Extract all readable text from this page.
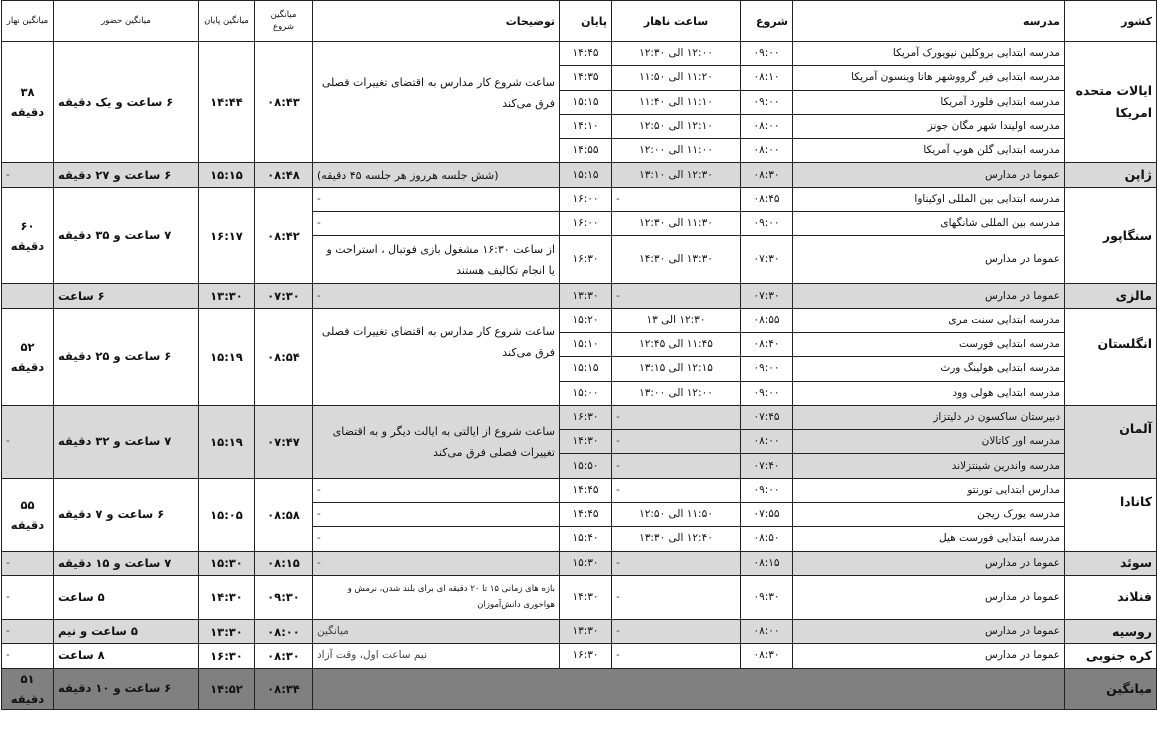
کشور	مدرسه	شروع	ساعت ناهار	پایان	توضیحات	میانگین شروع	میانگین پایان	میانگین حضور	میانگین نهار
ایالات متحده امریکا	مدرسه ابتدایی بروکلین نیویورک آمریکا	۰۹:۰۰	۱۲:۰۰ الی ۱۲:۳۰	۱۴:۴۵	ساعت شروع کار مدارس به اقتضای تغییرات فصلی فرق می‌کند	۰۸:۴۳	۱۴:۴۴	۶ ساعت و یک دقیقه	۳۸ دقیقه
	مدرسه ابتدایی فیر گرووشهر هانا وینسون آمریکا	۰۸:۱۰	۱۱:۲۰ الی ۱۱:۵۰	۱۴:۳۵					
	مدرسه ابتدایی فلورد آمریکا	۰۹:۰۰	۱۱:۱۰ الی ۱۱:۴۰	۱۵:۱۵					
	مدرسه اولیندا شهر مگان جونز	۰۸:۰۰	۱۲:۱۰ الی ۱۲:۵۰	۱۴:۱۰					
	مدرسه ابتدایی گلن هوپ آمریکا	۰۸:۰۰	۱۱:۰۰ الی ۱۲:۰۰	۱۴:۵۵					
ژاپن	عموما در مدارس	۰۸:۳۰	۱۲:۳۰ الی ۱۳:۱۰	۱۵:۱۵	(شش جلسه هرروز هر جلسه ۴۵ دقیقه)	۰۸:۴۸	۱۵:۱۵	۶ ساعت و ۲۷ دقیقه	-
سنگاپور	مدرسه ابتدایی بین المللی اوکیناوا	۰۸:۴۵	-	۱۶:۰۰	-	۰۸:۴۲	۱۶:۱۷	۷ ساعت و ۳۵ دقیقه	۶۰ دقیقه
	مدرسه بین المللی شانگهای	۰۹:۰۰	۱۱:۳۰ الی ۱۲:۳۰	۱۶:۰۰	-				
	عموما در مدارس	۰۷:۳۰	۱۳:۳۰ الی ۱۴:۳۰	۱۶:۳۰	از ساعت ۱۶:۳۰ مشغول بازی فوتبال ، استراحت و یا انجام تکالیف هستند				
مالزی	عموما در مدارس	۰۷:۳۰	-	۱۳:۳۰	-	۰۷:۳۰	۱۳:۳۰	۶ ساعت	
انگلستان	مدرسه ابتدایی سنت مری	۰۸:۵۵	۱۲:۳۰ الی ۱۳	۱۵:۲۰	ساعت شروع کار مدارس به اقتضای تغییرات فصلی فرق می‌کند	۰۸:۵۴	۱۵:۱۹	۶ ساعت و ۲۵ دقیقه	۵۲ دقیقه
	مدرسه ابتدایی فورست	۰۸:۴۰	۱۱:۴۵ الی ۱۲:۴۵	۱۵:۱۰					
	مدرسه ابتدایی هولینگ ورث	۰۹:۰۰	۱۲:۱۵ الی ۱۳:۱۵	۱۵:۱۵					
	مدرسه ابتدایی هولی وود	۰۹:۰۰	۱۲:۰۰ الی ۱۳:۰۰	۱۵:۰۰					
آلمان	دبیرستان ساکسون در دلیتزاز	۰۷:۴۵	-	۱۶:۳۰	ساعت شروع از ایالتی به ایالت دیگر و به اقتضای تغییرات فصلی فرق می‌کند	۰۷:۴۷	۱۵:۱۹	۷ ساعت و ۳۲ دقیقه	-
	مدرسه اور کاتالان	۰۸:۰۰	-	۱۴:۳۰					
	مدرسه واندرین شینتزلاند	۰۷:۴۰	-	۱۵:۵۰					
کانادا	مدارس ابتدایی تورنتو	۰۹:۰۰	-	۱۴:۴۵	-	۰۸:۵۸	۱۵:۰۵	۶ ساعت و ۷ دقیقه	۵۵ دقیقه
	مدرسه یورک ریجن	۰۷:۵۵	۱۱:۵۰ الی ۱۲:۵۰	۱۴:۴۵	-				
	مدرسه ابتدایی فورست هیل	۰۸:۵۰	۱۲:۴۰ الی ۱۳:۳۰	۱۵:۴۰	-				
سوئد	عموما در مدارس	۰۸:۱۵	-	۱۵:۳۰	-	۰۸:۱۵	۱۵:۳۰	۷ ساعت و ۱۵ دقیقه	-
فنلاند	عموما در مدارس	۰۹:۳۰	-	۱۴:۳۰	بازه های زمانی ۱۵ تا ۲۰ دقیقه ای برای بلند شدن، نرمش و هواخوری دانش‌آموزان	۰۹:۳۰	۱۴:۳۰	۵ ساعت	-
روسیه	عموما در مدارس	۰۸:۰۰	-	۱۳:۳۰	میانگین	۰۸:۰۰	۱۳:۳۰	۵ ساعت و نیم	-
کره جنوبی	عموما در مدارس	۰۸:۳۰	-	۱۶:۳۰	نیم ساعت اول، وقت آزاد	۰۸:۳۰	۱۶:۳۰	۸ ساعت	-
میانگین						۰۸:۳۴	۱۴:۵۲	۶ ساعت و ۱۰ دقیقه	۵۱ دقیقه
